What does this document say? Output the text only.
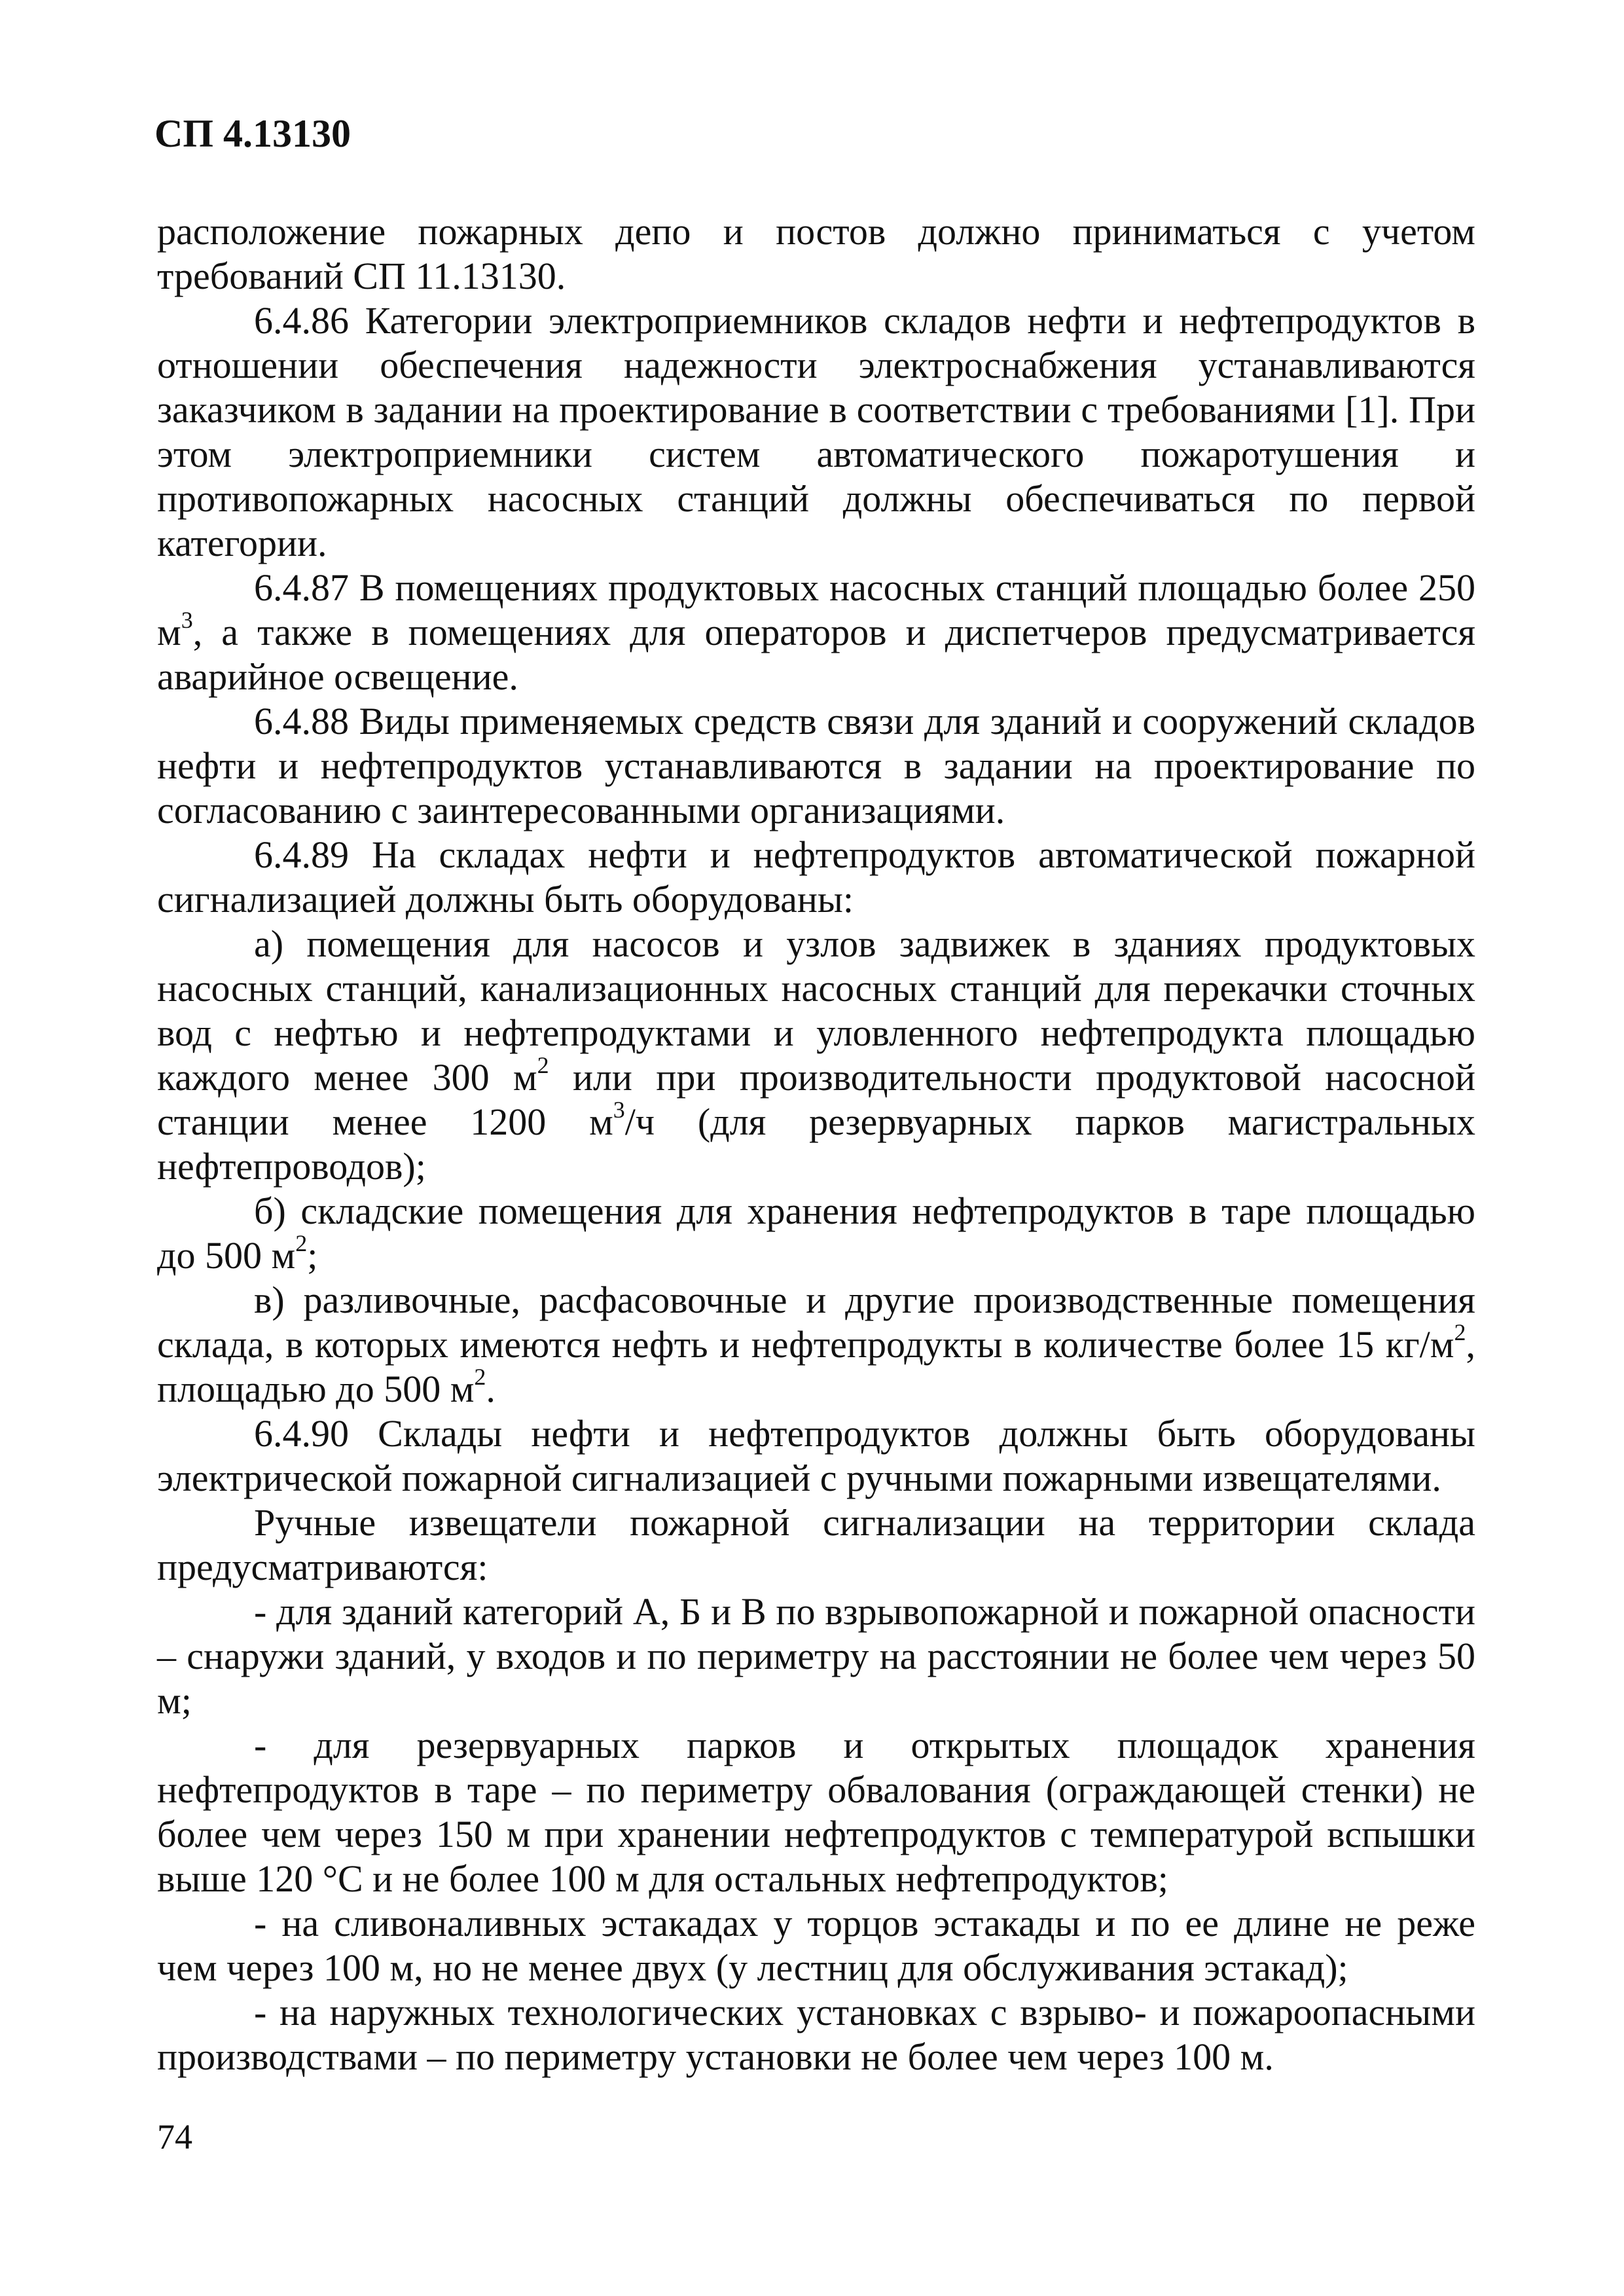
СП 4.13130

расположение пожарных депо и постов должно приниматься с учетом требований СП 11.13130.

6.4.86 Категории электроприемников складов нефти и нефтепродуктов в отношении обеспечения надежности электроснабжения устанавливаются заказчиком в задании на проектирование в соответствии с требованиями [1]. При этом электроприемники систем автоматического пожаротушения и противопожарных насосных станций должны обеспечиваться по первой категории.

6.4.87 В помещениях продуктовых насосных станций площадью более 250 $м^3$, а также в помещениях для операторов и диспетчеров предусматривается аварийное освещение.

6.4.88 Виды применяемых средств связи для зданий и сооружений складов нефти и нефтепродуктов устанавливаются в задании на проектирование по согласованию с заинтересованными организациями.

6.4.89 На складах нефти и нефтепродуктов автоматической пожарной сигнализацией должны быть оборудованы:

а) помещения для насосов и узлов задвижек в зданиях продуктовых насосных станций, канализационных насосных станций для перекачки сточных вод с нефтью и нефтепродуктами и уловленного нефтепродукта площадью каждого менее 300 $м^2$ или при производительности продуктовой насосной станции менее 1200 $м^3/ч$ (для резервуарных парков магистральных нефтепроводов);

б) складские помещения для хранения нефтепродуктов в таре площадью до 500 $м^2$;

в) разливочные, расфасовочные и другие производственные помещения склада, в которых имеются нефть и нефтепродукты в количестве более 15 $кг/м^2$, площадью до 500 $м^2$.

6.4.90 Склады нефти и нефтепродуктов должны быть оборудованы электрической пожарной сигнализацией с ручными пожарными извещателями.

Ручные извещатели пожарной сигнализации на территории склада предусматриваются:

- для зданий категорий А, Б и В по взрывопожарной и пожарной опасности – снаружи зданий, у входов и по периметру на расстоянии не более чем через 50 м;

- для резервуарных парков и открытых площадок хранения нефтепродуктов в таре – по периметру обвалования (ограждающей стенки) не более чем через 150 м при хранении нефтепродуктов с температурой вспышки выше 120 °С и не более 100 м для остальных нефтепродуктов;

- на сливоналивных эстакадах у торцов эстакады и по ее длине не реже чем через 100 м, но не менее двух (у лестниц для обслуживания эстакад);

- на наружных технологических установках с взрыво- и пожароопасными производствами – по периметру установки не более чем через 100 м.

74
